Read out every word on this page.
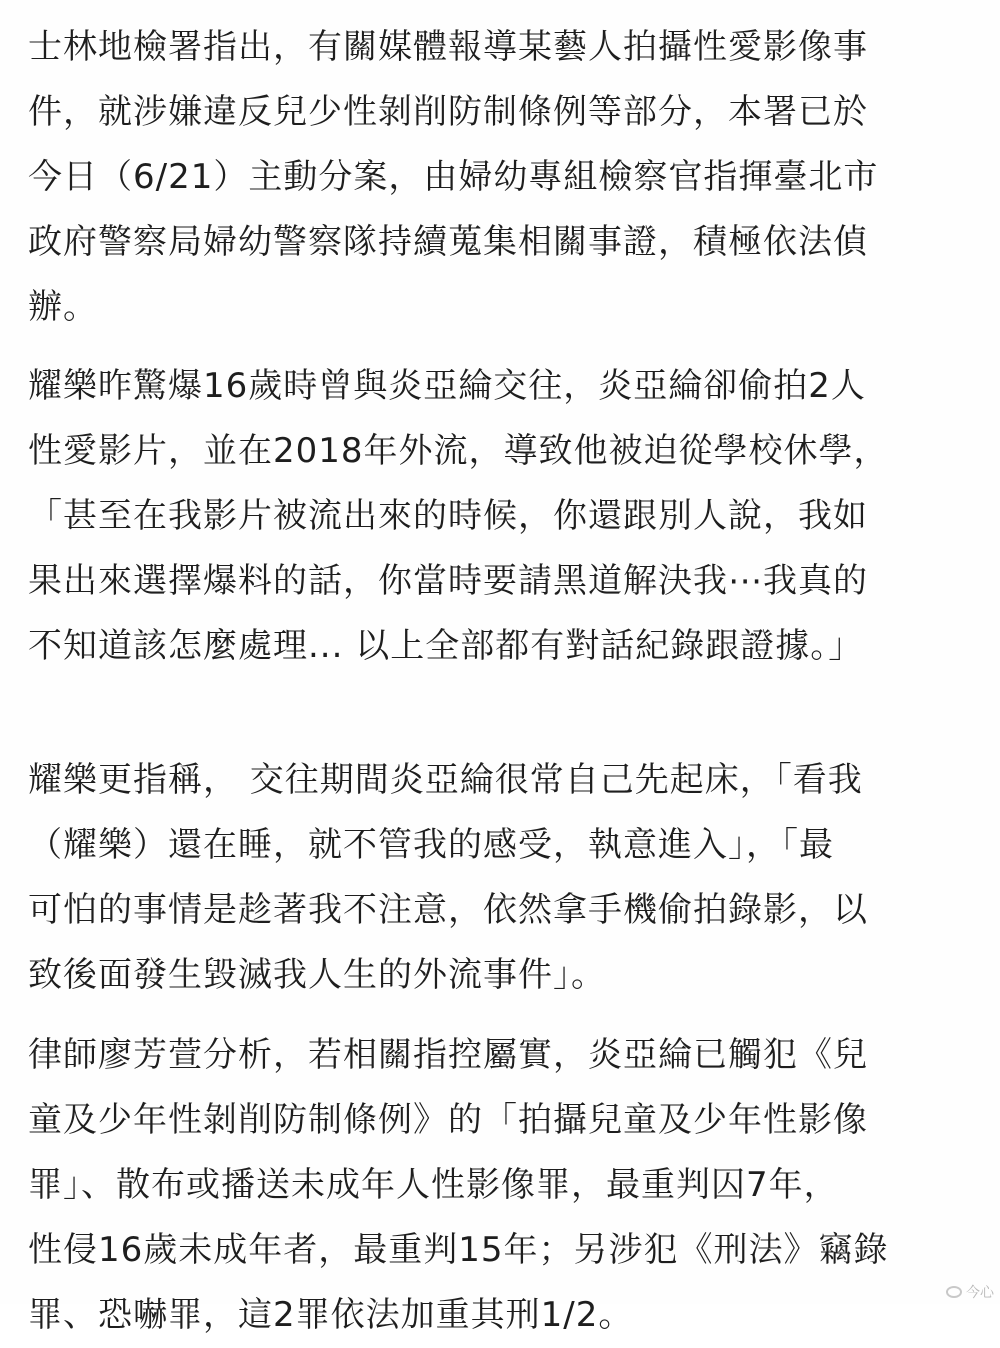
士林地檢署指出，有關媒體報導某藝人拍攝性愛影像事
件，就涉嫌違反兒少性剝削防制條例等部分，本署已於
今日（6/21）主動分案，由婦幼專組檢察官指揮臺北市
政府警察局婦幼警察隊持續蒐集相關事證，積極依法偵
辦。

耀樂昨驚爆16歲時曾與炎亞綸交往，炎亞綸卻偷拍2人
性愛影片，並在2018年外流，導致他被迫從學校休學，
「甚至在我影片被流出來的時候，你還跟別人說，我如
果出來選擇爆料的話，你當時要請黑道解決我⋯我真的
不知道該怎麼處理... 以上全部都有對話紀錄跟證據。」

耀樂更指稱， 交往期間炎亞綸很常自己先起床，「看我
（耀樂）還在睡，就不管我的感受，執意進入」，「最
可怕的事情是趁著我不注意，依然拿手機偷拍錄影，以
致後面發生毀滅我人生的外流事件」。

律師廖芳萱分析，若相關指控屬實，炎亞綸已觸犯《兒
童及少年性剝削防制條例》的「拍攝兒童及少年性影像
罪」、散布或播送未成年人性影像罪，最重判囚7年，
性侵16歲未成年者，最重判15年；另涉犯《刑法》竊錄
罪、恐嚇罪，這2罪依法加重其刑1/2。

今心
